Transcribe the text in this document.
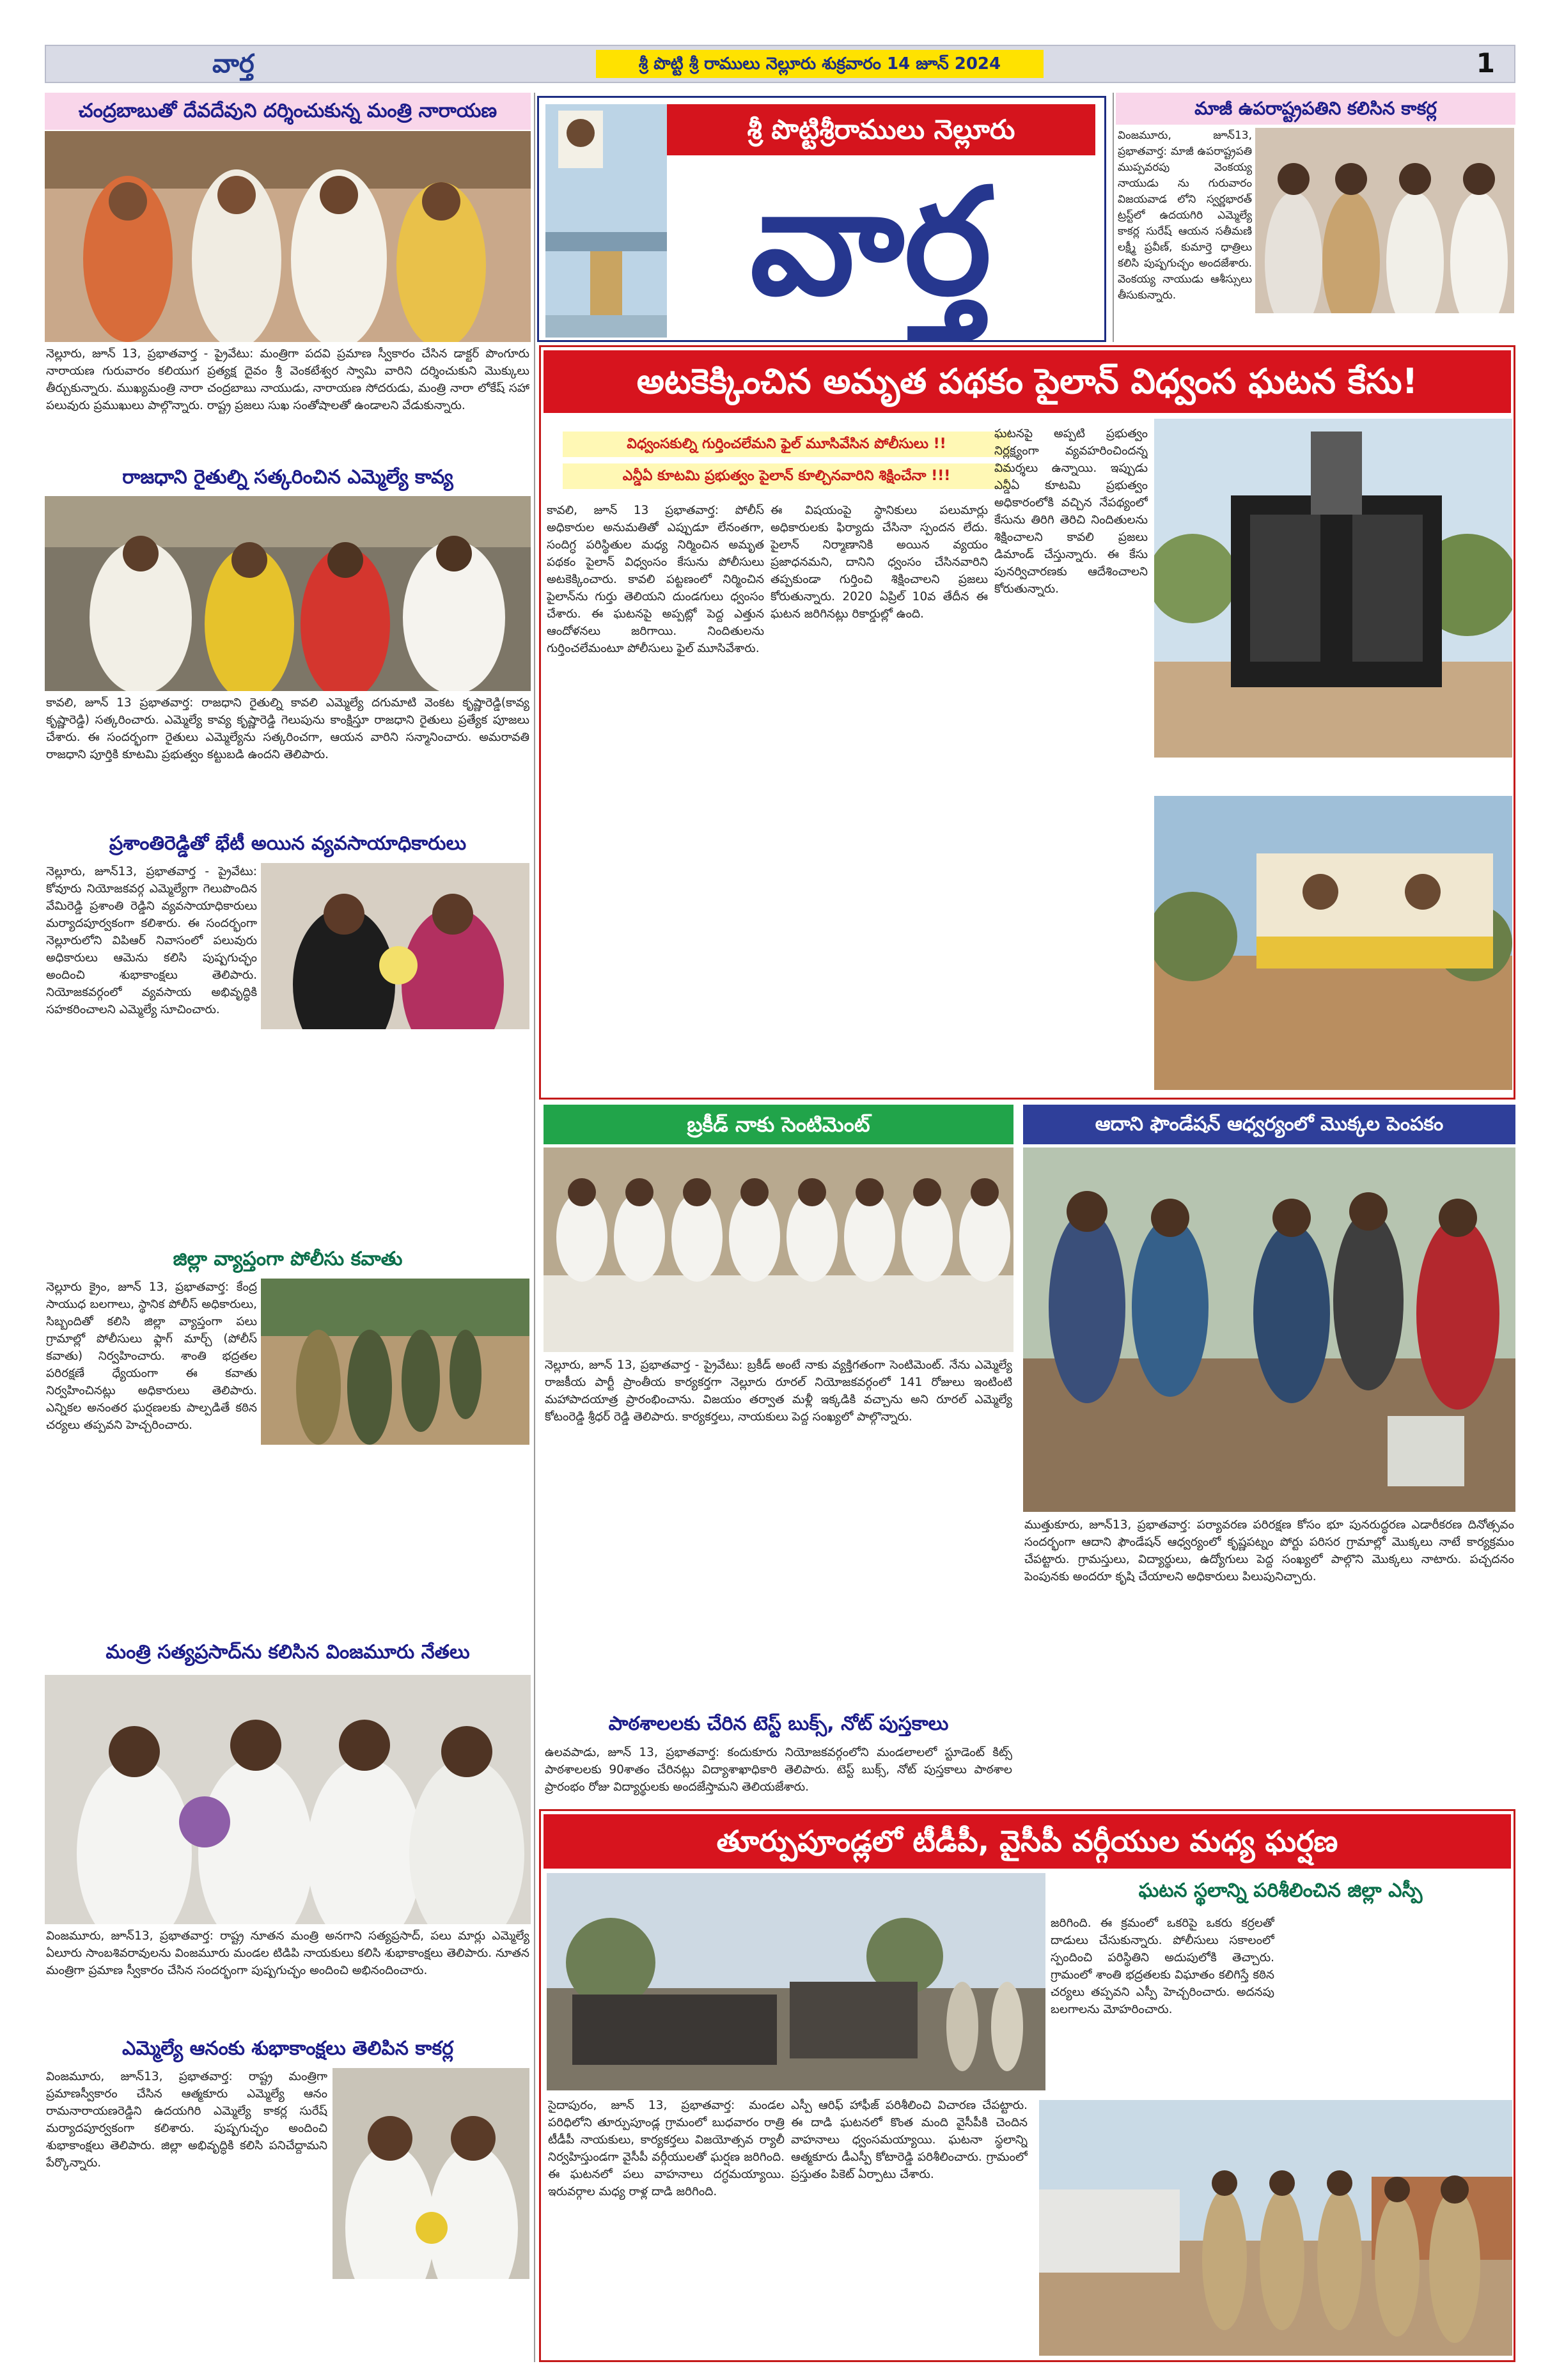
వార్త	శ్రీ పొట్టి శ్రీ రాములు నెల్లూరు శుక్రవారం 14 జూన్ 2024	1
చంద్రబాబుతో దేవదేవుని దర్శించుకున్న మంత్రి నారాయణ
నెల్లూరు, జూన్ 13, ప్రభాతవార్త - ప్రైవేటు: మంత్రిగా పదవి ప్రమాణ స్వీకారం చేసిన డాక్టర్ పొంగూరు నారాయణ గురువారం కలియుగ ప్రత్యక్ష దైవం శ్రీ వెంకటేశ్వర స్వామి వారిని దర్శించుకుని మొక్కులు తీర్చుకున్నారు. ముఖ్యమంత్రి నారా చంద్రబాబు నాయుడు, నారాయణ సోదరుడు, మంత్రి నారా లోకేష్ సహా పలువురు ప్రముఖులు పాల్గొన్నారు. రాష్ట్ర ప్రజలు సుఖ సంతోషాలతో ఉండాలని వేడుకున్నారు.
రాజధాని రైతుల్ని సత్కరించిన ఎమ్మెల్యే కావ్య
కావలి, జూన్ 13 ప్రభాతవార్త: రాజధాని రైతుల్ని కావలి ఎమ్మెల్యే దగుమాటి వెంకట కృష్ణారెడ్డి(కావ్య కృష్ణారెడ్డి) సత్కరించారు. ఎమ్మెల్యే కావ్య కృష్ణారెడ్డి గెలుపును కాంక్షిస్తూ రాజధాని రైతులు ప్రత్యేక పూజలు చేశారు. ఈ సందర్భంగా రైతులు ఎమ్మెల్యేను సత్కరించగా, ఆయన వారిని సన్మానించారు. అమరావతి రాజధాని పూర్తికి కూటమి ప్రభుత్వం కట్టుబడి ఉందని తెలిపారు.
ప్రశాంతిరెడ్డితో భేటీ అయిన వ్యవసాయాధికారులు
నెల్లూరు, జూన్13, ప్రభాతవార్త - ప్రైవేటు: కోవూరు నియోజకవర్గ ఎమ్మెల్యేగా గెలుపొందిన వేమిరెడ్డి ప్రశాంతి రెడ్డిని వ్యవసాయాధికారులు మర్యాదపూర్వకంగా కలిశారు. ఈ సందర్భంగా నెల్లూరులోని విపిఆర్ నివాసంలో పలువురు అధికారులు ఆమెను కలిసి పుష్పగుచ్ఛం అందించి శుభాకాంక్షలు తెలిపారు. నియోజకవర్గంలో వ్యవసాయ అభివృద్ధికి సహకరించాలని ఎమ్మెల్యే సూచించారు.
జిల్లా వ్యాప్తంగా పోలీసు కవాతు
నెల్లూరు క్రైం, జూన్ 13, ప్రభాతవార్త: కేంద్ర సాయుధ బలగాలు, స్థానిక పోలీస్ అధికారులు, సిబ్బందితో కలిసి జిల్లా వ్యాప్తంగా పలు గ్రామాల్లో పోలీసులు ఫ్లాగ్ మార్చ్ (పోలీస్ కవాతు) నిర్వహించారు. శాంతి భద్రతల పరిరక్షణే ధ్యేయంగా ఈ కవాతు నిర్వహించినట్లు అధికారులు తెలిపారు. ఎన్నికల అనంతర ఘర్షణలకు పాల్పడితే కఠిన చర్యలు తప్పవని హెచ్చరించారు.
మంత్రి సత్యప్రసాద్‌ను కలిసిన వింజమూరు నేతలు
వింజమూరు, జూన్13, ప్రభాతవార్త: రాష్ట్ర నూతన మంత్రి అనగాని సత్యప్రసాద్, పలు మార్లు ఎమ్మెల్యే ఏలూరు సాంబశివరావులను వింజమూరు మండల టిడిపి నాయకులు కలిసి శుభాకాంక్షలు తెలిపారు. నూతన మంత్రిగా ప్రమాణ స్వీకారం చేసిన సందర్భంగా పుష్పగుచ్ఛం అందించి అభినందించారు.
ఎమ్మెల్యే ఆనంకు శుభాకాంక్షలు తెలిపిన కాకర్ల
వింజమూరు, జూన్13, ప్రభాతవార్త: రాష్ట్ర మంత్రిగా ప్రమాణస్వీకారం చేసిన ఆత్మకూరు ఎమ్మెల్యే ఆనం రామనారాయణరెడ్డిని ఉదయగిరి ఎమ్మెల్యే కాకర్ల సురేష్ మర్యాదపూర్వకంగా కలిశారు. పుష్పగుచ్ఛం అందించి శుభాకాంక్షలు తెలిపారు. జిల్లా అభివృద్ధికి కలిసి పనిచేద్దామని పేర్కొన్నారు.
శ్రీ పొట్టిశ్రీరాములు నెల్లూరు
వార్త
మాజీ ఉపరాష్ట్రపతిని కలిసిన కాకర్ల
వింజమూరు, జూన్13, ప్రభాతవార్త: మాజీ ఉపరాష్ట్రపతి ముప్పవరపు వెంకయ్య నాయుడు ను గురువారం విజయవాడ లోని స్వర్ణభారత్ ట్రస్ట్‌లో ఉదయగిరి ఎమ్మెల్యే కాకర్ల సురేష్ ఆయన సతీమణి లక్ష్మీ ప్రవీణ్, కుమార్తె ధాత్రిలు కలిసి పుష్పగుచ్ఛం అందజేశారు. వెంకయ్య నాయుడు ఆశీస్సులు తీసుకున్నారు.
అటకెక్కించిన అమృత పథకం పైలాన్ విధ్వంస ఘటన కేసు!
విధ్వంసకుల్ని గుర్తించలేమని ఫైల్ మూసివేసిన పోలీసులు !!
ఎన్డీఏ కూటమి ప్రభుత్వం పైలాన్ కూల్చినవారిని శిక్షించేనా !!!
కావలి, జూన్ 13 ప్రభాతవార్త: పోలీస్ అధికారుల అనుమతితో ఎప్పుడూ లేనంతగా, సందిగ్ధ పరిస్థితుల మధ్య నిర్మించిన అమృత పథకం పైలాన్ విధ్వంసం కేసును పోలీసులు అటకెక్కించారు. కావలి పట్టణంలో నిర్మించిన పైలాన్‌ను గుర్తు తెలియని దుండగులు ధ్వంసం చేశారు. ఈ ఘటనపై అప్పట్లో పెద్ద ఎత్తున ఆందోళనలు జరిగాయి. నిందితులను గుర్తించలేమంటూ పోలీసులు ఫైల్ మూసివేశారు.
ఈ విషయంపై స్థానికులు పలుమార్లు అధికారులకు ఫిర్యాదు చేసినా స్పందన లేదు. పైలాన్ నిర్మాణానికి అయిన వ్యయం ప్రజాధనమని, దానిని ధ్వంసం చేసినవారిని తప్పకుండా గుర్తించి శిక్షించాలని ప్రజలు కోరుతున్నారు. 2020 ఏప్రిల్ 10వ తేదీన ఈ ఘటన జరిగినట్లు రికార్డుల్లో ఉంది.
ఘటనపై అప్పటి ప్రభుత్వం నిర్లక్ష్యంగా వ్యవహరించిందన్న విమర్శలు ఉన్నాయి. ఇప్పుడు ఎన్డీఏ కూటమి ప్రభుత్వం అధికారంలోకి వచ్చిన నేపథ్యంలో కేసును తిరిగి తెరిచి నిందితులను శిక్షించాలని కావలి ప్రజలు డిమాండ్ చేస్తున్నారు. ఈ కేసు పునర్విచారణకు ఆదేశించాలని కోరుతున్నారు.
బ్రకీడ్ నాకు సెంటిమెంట్
నెల్లూరు, జూన్ 13, ప్రభాతవార్త - ప్రైవేటు: బ్రకీడ్ అంటే నాకు వ్యక్తిగతంగా సెంటిమెంట్. నేను ఎమ్మెల్యే రాజకీయ పార్టీ ప్రాంతీయ కార్యకర్తగా నెల్లూరు రూరల్ నియోజకవర్గంలో 141 రోజులు ఇంటింటి మహాపాదయాత్ర ప్రారంభించాను. విజయం తర్వాత మళ్లీ ఇక్కడికి వచ్చాను అని రూరల్ ఎమ్మెల్యే కోటంరెడ్డి శ్రీధర్ రెడ్డి తెలిపారు. కార్యకర్తలు, నాయకులు పెద్ద సంఖ్యలో పాల్గొన్నారు.
పాఠశాలలకు చేరిన టెస్ట్ బుక్స్, నోట్ పుస్తకాలు
ఉలవపాడు, జూన్ 13, ప్రభాతవార్త: కందుకూరు నియోజకవర్గంలోని మండలాలలో స్టూడెంట్ కిట్స్ పాఠశాలలకు 90శాతం చేరినట్లు విద్యాశాఖాధికారి తెలిపారు. టెస్ట్ బుక్స్, నోట్ పుస్తకాలు పాఠశాల ప్రారంభం రోజు విద్యార్థులకు అందజేస్తామని తెలియజేశారు.
ఆదాని ఫౌండేషన్ ఆధ్వర్యంలో మొక్కల పెంపకం
ముత్తుకూరు, జూన్13, ప్రభాతవార్త: పర్యావరణ పరిరక్షణ కోసం భూ పునరుద్ధరణ ఎడారీకరణ దినోత్సవం సందర్భంగా ఆదాని ఫౌండేషన్ ఆధ్వర్యంలో కృష్ణపట్నం పోర్టు పరిసర గ్రామాల్లో మొక్కలు నాటే కార్యక్రమం చేపట్టారు. గ్రామస్తులు, విద్యార్థులు, ఉద్యోగులు పెద్ద సంఖ్యలో పాల్గొని మొక్కలు నాటారు. పచ్చదనం పెంపునకు అందరూ కృషి చేయాలని అధికారులు పిలుపునిచ్చారు.
తూర్పుపూండ్లలో టీడీపీ, వైసీపీ వర్గీయుల మధ్య ఘర్షణ
ఘటన స్థలాన్ని పరిశీలించిన జిల్లా ఎస్పీ
జరిగింది. ఈ క్రమంలో ఒకరిపై ఒకరు కర్రలతో దాడులు చేసుకున్నారు. పోలీసులు సకాలంలో స్పందించి పరిస్థితిని అదుపులోకి తెచ్చారు. గ్రామంలో శాంతి భద్రతలకు విఘాతం కలిగిస్తే కఠిన చర్యలు తప్పవని ఎస్పీ హెచ్చరించారు. అదనపు బలగాలను మోహరించారు.
సైదాపురం, జూన్ 13, ప్రభాతవార్త: మండల పరిధిలోని తూర్పుపూండ్ల గ్రామంలో బుధవారం రాత్రి టీడీపీ నాయకులు, కార్యకర్తలు విజయోత్సవ ర్యాలీ నిర్వహిస్తుండగా వైసీపీ వర్గీయులతో ఘర్షణ జరిగింది. ఈ ఘటనలో పలు వాహనాలు దగ్ధమయ్యాయి. ఇరువర్గాల మధ్య రాళ్ల దాడి జరిగింది.
ఎస్పీ ఆరిఫ్ హాఫీజ్ పరిశీలించి విచారణ చేపట్టారు. ఈ దాడి ఘటనలో కొంత మంది వైసీపీకి చెందిన వాహనాలు ధ్వంసమయ్యాయి. ఘటనా స్థలాన్ని ఆత్మకూరు డీఎస్పీ కోటారెడ్డి పరిశీలించారు. గ్రామంలో ప్రస్తుతం పికెట్ ఏర్పాటు చేశారు.
